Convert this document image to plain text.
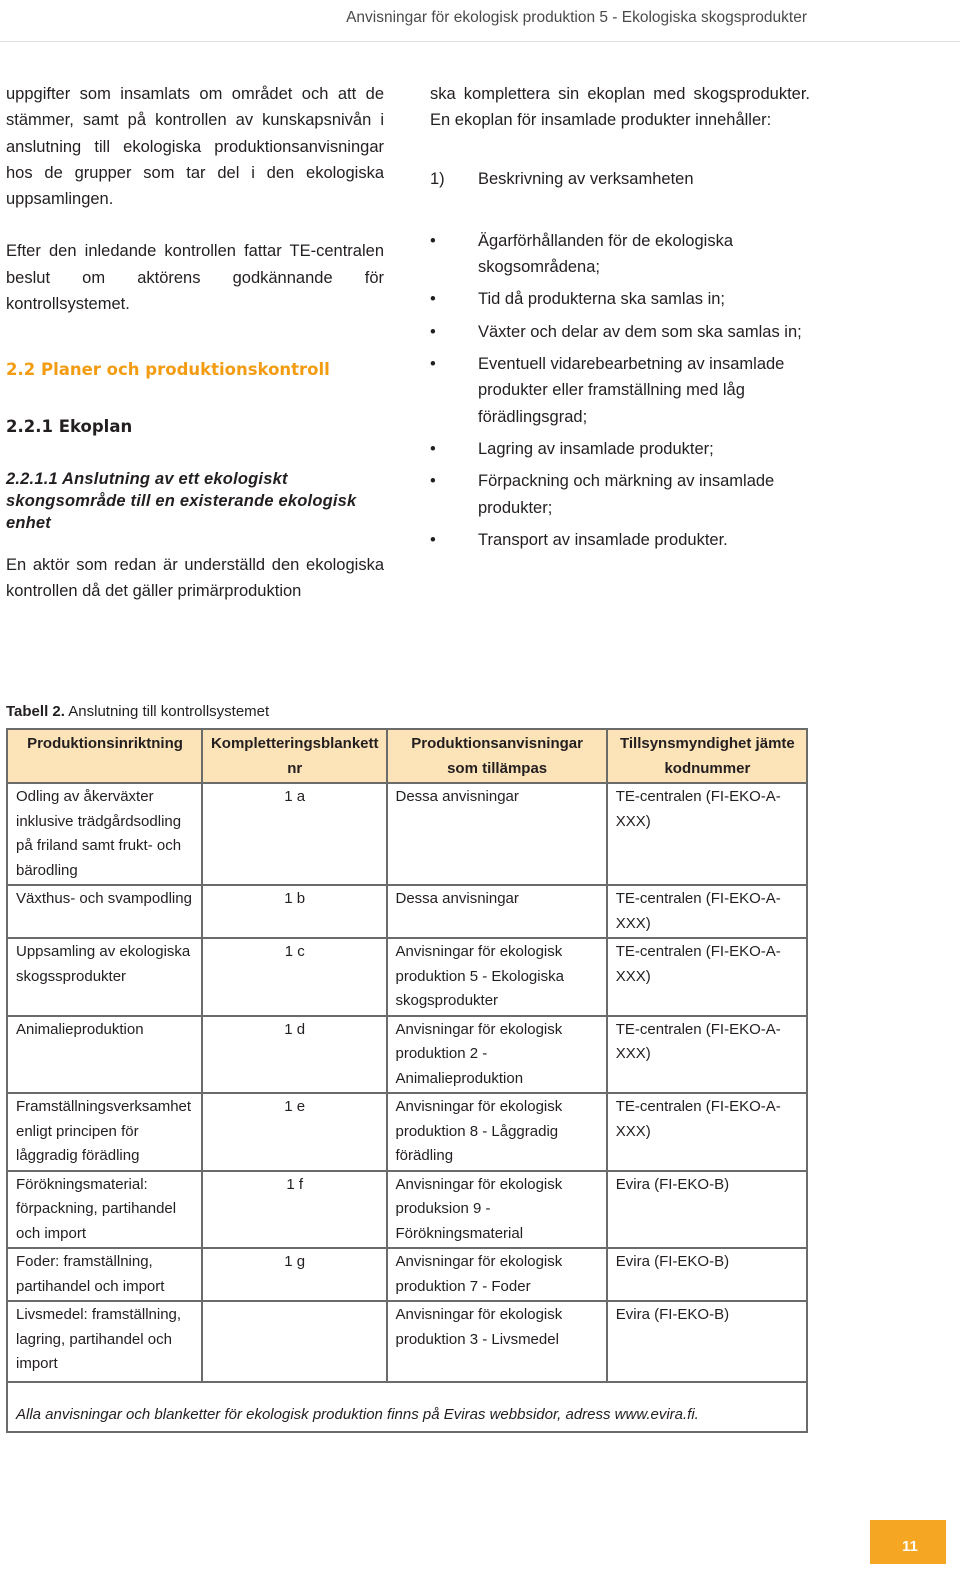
Anvisningar för ekologisk produktion 5 - Ekologiska skogsprodukter

uppgifter som insamlats om området och att de stämmer, samt på kontrollen av kunskapsnivån i anslutning till ekologiska produktionsanvisningar hos de grupper som tar del i den ekologiska uppsamlingen.

Efter den inledande kontrollen fattar TE-centralen beslut om aktörens godkännande för kontrollsystemet.

2.2 Planer och produktionskontroll

2.2.1 Ekoplan

2.2.1.1 Anslutning av ett ekologiskt skongsområde till en existerande ekologisk enhet

En aktör som redan är underställd den ekologiska kontrollen då det gäller primärproduktion

ska komplettera sin ekoplan med skogsprodukter. En ekoplan för insamlade produkter innehåller:

1)	Beskrivning av verksamheten
•	Ägarförhållanden för de ekologiska skogsområdena;
•	Tid då produkterna ska samlas in;
•	Växter och delar av dem som ska samlas in;
•	Eventuell vidarebearbetning av insamlade produkter eller framställning med låg förädlingsgrad;
•	Lagring av insamlade produkter;
•	Förpackning och märkning av insamlade produkter;
•	Transport av insamlade produkter.
Tabell 2. Anslutning till kontrollsystemet
Produktionsinriktning	Kompletteringsblankett nr	Produktionsanvisningar som tillämpas	Tillsynsmyndighet jämte kodnummer
Odling av åkerväxter inklusive trädgårdsodling på friland samt frukt- och bärodling	1 a	Dessa anvisningar	TE-centralen (FI-EKO-A-XXX)
Växthus- och svampodling	1 b	Dessa anvisningar	TE-centralen (FI-EKO-A-XXX)
Uppsamling av ekologiska skogssprodukter	1 c	Anvisningar för ekologisk produktion 5 - Ekologiska skogsprodukter	TE-centralen (FI-EKO-A-XXX)
Animalieproduktion	1 d	Anvisningar för ekologisk produktion 2 - Animalieproduktion	TE-centralen (FI-EKO-A-XXX)
Framställningsverksamhet enligt principen för låggradig förädling	1 e	Anvisningar för ekologisk produktion 8 - Låggradig förädling	TE-centralen (FI-EKO-A-XXX)
Förökningsmaterial: förpackning, partihandel och import	1 f	Anvisningar för ekologisk produksion 9 - Förökningsmaterial	Evira (FI-EKO-B)
Foder: framställning, partihandel och import	1 g	Anvisningar för ekologisk produktion 7 - Foder	Evira (FI-EKO-B)
Livsmedel: framställning, lagring, partihandel och import		Anvisningar för ekologisk produktion 3 - Livsmedel	Evira (FI-EKO-B)
Alla anvisningar och blanketter för ekologisk produktion finns på Eviras webbsidor, adress www.evira.fi.			
11
